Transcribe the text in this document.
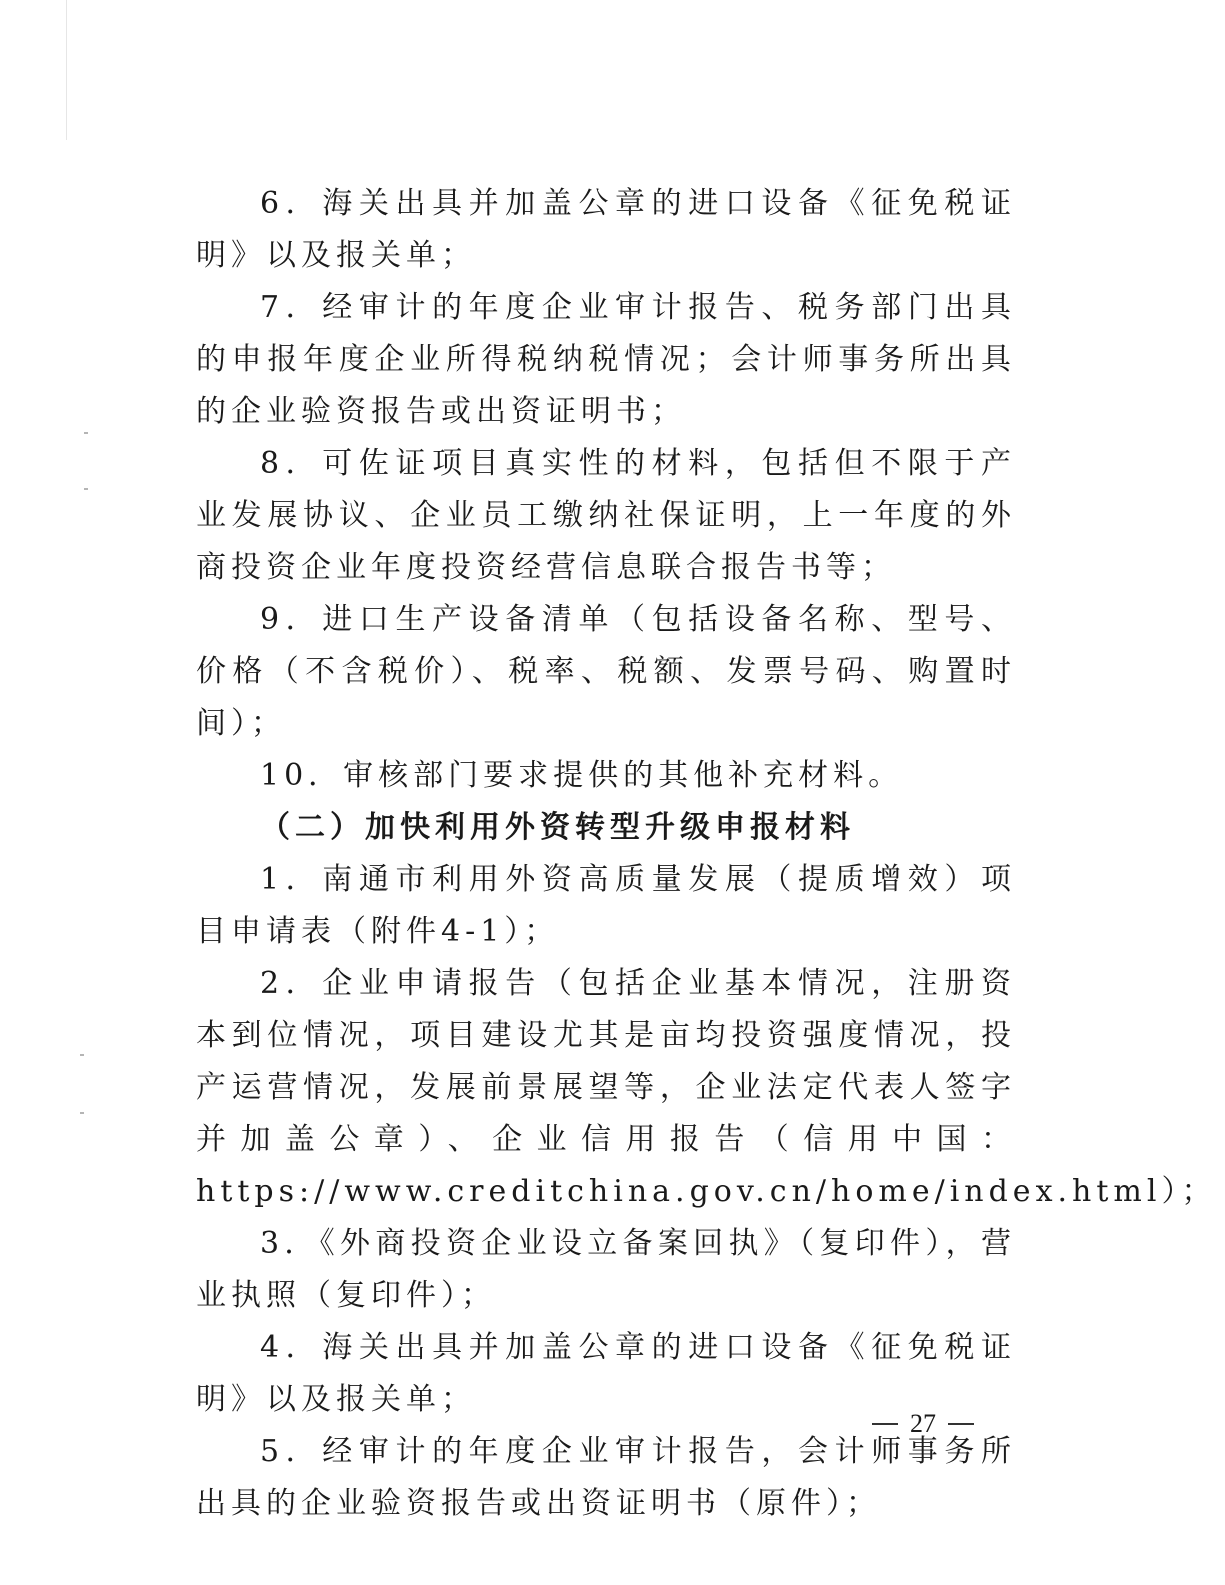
6．海关出具并加盖公章的进口设备《征免税证明》以及报关单；

7．经审计的年度企业审计报告、税务部门出具的申报年度企业所得税纳税情况；会计师事务所出具的企业验资报告或出资证明书；

8．可佐证项目真实性的材料，包括但不限于产业发展协议、企业员工缴纳社保证明，上一年度的外商投资企业年度投资经营信息联合报告书等；

9．进口生产设备清单（包括设备名称、型号、价格（不含税价）、税率、税额、发票号码、购置时间）；

10．审核部门要求提供的其他补充材料。

（二）加快利用外资转型升级申报材料

1．南通市利用外资高质量发展（提质增效）项目申请表（附件4-1）；

2．企业申请报告（包括企业基本情况，注册资本到位情况，项目建设尤其是亩均投资强度情况，投产运营情况，发展前景展望等，企业法定代表人签字并加盖公章）、企业信用报告（信用中国：https://www.creditchina.gov.cn/home/index.html）；

3．《外商投资企业设立备案回执》（复印件），营业执照（复印件）；

4．海关出具并加盖公章的进口设备《征免税证明》以及报关单；

5．经审计的年度企业审计报告，会计师事务所出具的企业验资报告或出资证明书（原件）；

27
